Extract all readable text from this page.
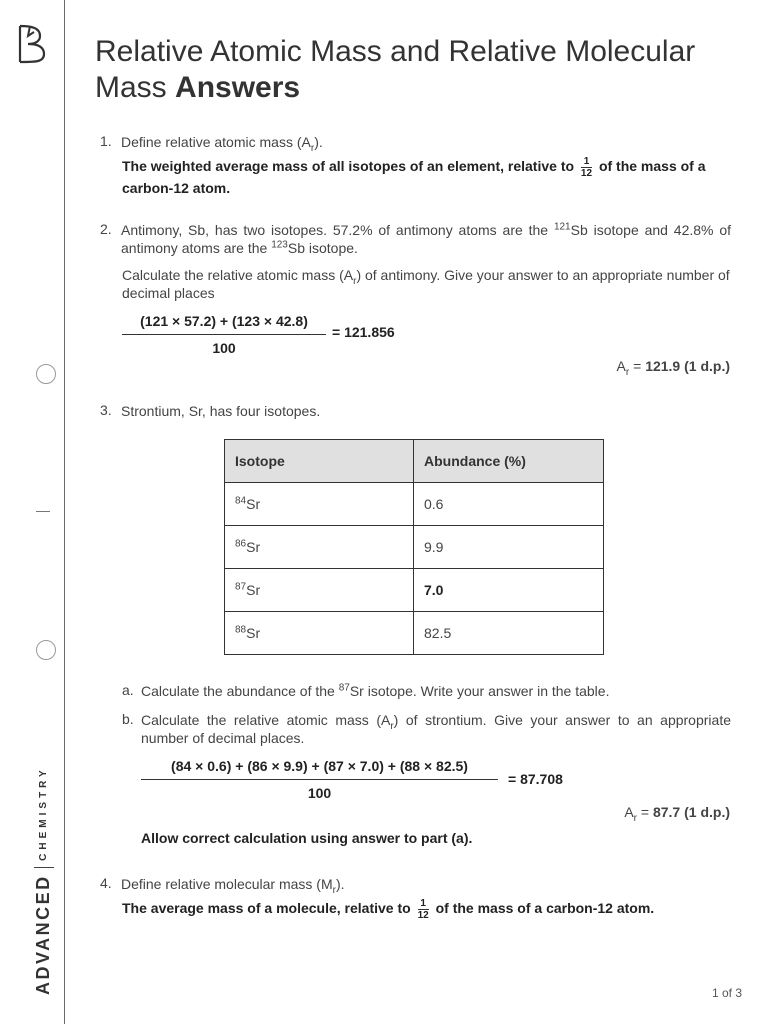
ADVANCED
CHEMISTRY
Relative Atomic Mass and Relative Molecular Mass Answers
1. Define relative atomic mass $(A_r)$.
The weighted average mass of all isotopes of an element, relative to $\frac{1}{12}$ of the mass of a carbon-12 atom.
2. Antimony, Sb, has two isotopes. 57.2% of antimony atoms are the $^{121}$Sb isotope and 42.8% of antimony atoms are the $^{123}$Sb isotope.
Calculate the relative atomic mass $(A_r)$ of antimony. Give your answer to an appropriate number of decimal places
(121 × 57.2) + (123 × 42.8)
100
= 121.856
$A_r = 121.9$ (1 d.p.)
3. Strontium, Sr, has four isotopes.
Isotope	Abundance (%)
$^{84}$Sr	0.6
$^{86}$Sr	9.9
$^{87}$Sr	7.0
$^{88}$Sr	82.5
a. Calculate the abundance of the $^{87}$Sr isotope. Write your answer in the table.
b. Calculate the relative atomic mass $(A_r)$ of strontium. Give your answer to an appropriate number of decimal places.
(84 × 0.6) + (86 × 9.9) + (87 × 7.0) + (88 × 82.5)
100
= 87.708
$A_r = 87.7$ (1 d.p.)
Allow correct calculation using answer to part (a).
4. Define relative molecular mass $(M_r)$.
The average mass of a molecule, relative to $\frac{1}{12}$ of the mass of a carbon-12 atom.
1 of 3
